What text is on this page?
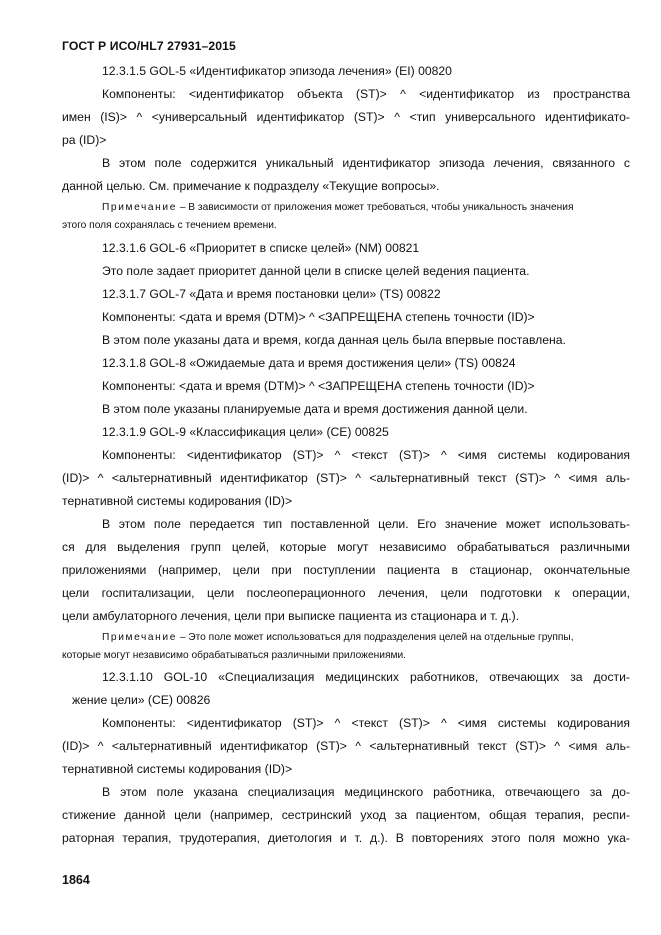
ГОСТ Р ИСО/HL7 27931–2015
12.3.1.5 GOL-5 «Идентификатор эпизода лечения» (EI) 00820
Компоненты: <идентификатор объекта (ST)> ^ <идентификатор из пространства
имен (IS)> ^ <универсальный идентификатор (ST)> ^ <тип универсального идентификато-
ра (ID)>
В этом поле содержится уникальный идентификатор эпизода лечения, связанного с
данной целью. См. примечание к подразделу «Текущие вопросы».
Примечание – В зависимости от приложения может требоваться, чтобы уникальность значения
этого поля сохранялась с течением времени.
12.3.1.6 GOL-6 «Приоритет в списке целей» (NM) 00821
Это поле задает приоритет данной цели в списке целей ведения пациента.
12.3.1.7 GOL-7 «Дата и время постановки цели» (TS) 00822
Компоненты: <дата и время (DTM)> ^ <ЗАПРЕЩЕНА степень точности (ID)>
В этом поле указаны дата и время, когда данная цель была впервые поставлена.
12.3.1.8 GOL-8 «Ожидаемые дата и время достижения цели» (TS) 00824
Компоненты: <дата и время (DTM)> ^ <ЗАПРЕЩЕНА степень точности (ID)>
В этом поле указаны планируемые дата и время достижения данной цели.
12.3.1.9 GOL-9 «Классификация цели» (CE) 00825
Компоненты: <идентификатор (ST)> ^ <текст (ST)> ^ <имя системы кодирования
(ID)> ^ <альтернативный идентификатор (ST)> ^ <альтернативный текст (ST)> ^ <имя аль-
тернативной системы кодирования (ID)>
В этом поле передается тип поставленной цели. Его значение может использовать-
ся для выделения групп целей, которые могут независимо обрабатываться различными
приложениями (например, цели при поступлении пациента в стационар, окончательные
цели госпитализации, цели послеоперационного лечения, цели подготовки к операции,
цели амбулаторного лечения, цели при выписке пациента из стационара и т. д.).
Примечание – Это поле может использоваться для подразделения целей на отдельные группы,
которые могут независимо обрабатываться различными приложениями.
12.3.1.10 GOL-10 «Специализация медицинских работников, отвечающих за дости-
жение цели» (CE) 00826
Компоненты: <идентификатор (ST)> ^ <текст (ST)> ^ <имя системы кодирования
(ID)> ^ <альтернативный идентификатор (ST)> ^ <альтернативный текст (ST)> ^ <имя аль-
тернативной системы кодирования (ID)>
В этом поле указана специализация медицинского работника, отвечающего за до-
стижение данной цели (например, сестринский уход за пациентом, общая терапия, респи-
раторная терапия, трудотерапия, диетология и т. д.). В повторениях этого поля можно ука-
1864
